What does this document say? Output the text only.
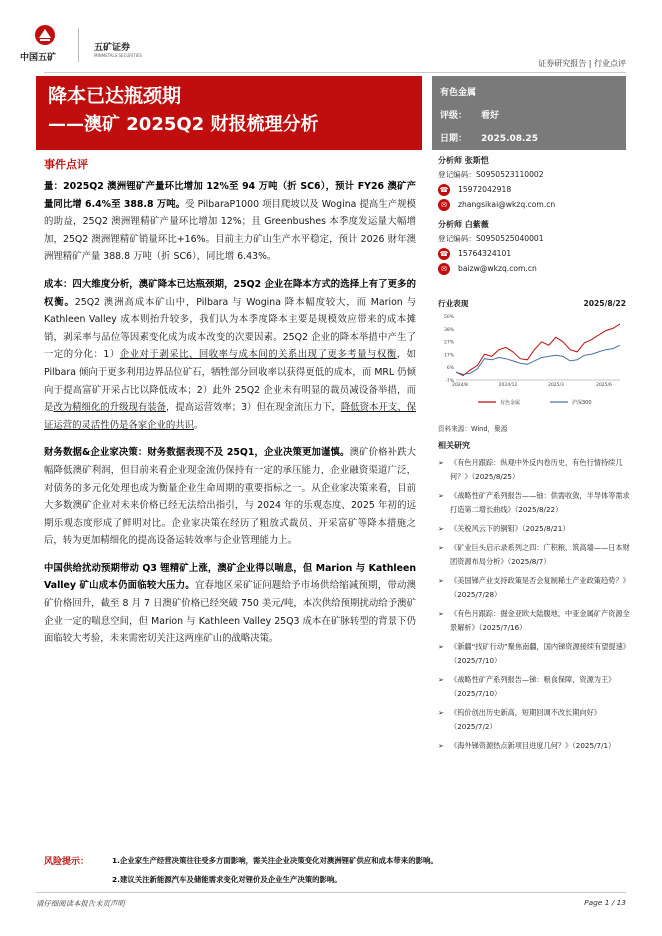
中国五矿
五矿证券
MINMETALS SECURITIES
证券研究报告 | 行业点评
降本已达瓶颈期
——澳矿 2025Q2 财报梳理分析
有色金属
评级： 看好
日期： 2025.08.25
事件点评

量：2025Q2 澳洲锂矿产量环比增加 12%至 94 万吨（折 SC6），预计 FY26 澳矿产量同比增 6.4%至 388.8 万吨。受 PilbaraP1000 项目爬坡以及 Wogina 提高生产规模的助益，25Q2 澳洲锂精矿产量环比增加 12%；且 Greenbushes 本季度发运量大幅增加，25Q2 澳洲锂精矿销量环比+16%。目前主力矿山生产水平稳定，预计 2026 财年澳洲锂精矿产量 388.8 万吨（折 SC6），同比增 6.43%。

成本：四大维度分析，澳矿降本已达瓶颈期，25Q2 企业在降本方式的选择上有了更多的权衡。25Q2 澳洲高成本矿山中，Pilbara 与 Wogina 降本幅度较大，而 Marion 与 Kathleen Valley 成本则抬升较多，我们认为本季度降本主要是规模效应带来的成本摊销，剥采率与品位等因素变化成为成本改变的次要因素。25Q2 企业的降本举措中产生了一定的分化：1）企业对于剥采比、回收率与成本间的关系出现了更多考量与权衡，如 Pilbara 倾向于更多利用边界品位矿石，牺牲部分回收率以获得更低的成本，而 MRL 仍倾向于提高富矿开采占比以降低成本；2）此外 25Q2 企业未有明显的裁员减设备举措，而是改为精细化的升级现有装备，提高运营效率；3）但在现金流压力下，降低资本开支、保证运营的灵活性仍是各家企业的共识。

财务数据&企业家决策：财务数据表现不及 25Q1，企业决策更加谨慎。澳矿价格补跌大幅降低澳矿利润，但目前来看企业现金流仍保持有一定的承压能力，企业融资渠道广泛，对债务的多元化处理也成为衡量企业生命周期的重要指标之一。从企业家决策来看，目前大多数澳矿企业对未来价格已经无法给出指引，与 2024 年的乐观态度、2025 年初的远期乐观态度形成了鲜明对比。企业家决策在经历了粗放式裁员、开采富矿等降本措施之后，转为更加精细化的提高设备运转效率与企业管理能力上。

中国供给扰动预期带动 Q3 锂精矿上涨，澳矿企业得以喘息，但 Marion 与 Kathleen Valley 矿山成本仍面临较大压力。宜春地区采矿证问题给予市场供给缩减预期，带动澳矿价格回升，截至 8 月 7 日澳矿价格已经突破 750 美元/吨，本次供给预期扰动给予澳矿企业一定的喘息空间，但 Marion 与 Kathleen Valley 25Q3 成本在矿脉转型的背景下仍面临较大考验，未来需密切关注这两座矿山的战略决策。

分析师 张斯恺
登记编码：S0950523110002
☎ 15972042918
✉	zhangsikai@wkzq.com.cn
分析师 白紫薇
登记编码：S0950525040001
☎ 15764324101
✉	baizw@wkzq.com.cn
行业表现	2025/8/22
50%
38%
27%
17%
6%
-7%
2024/8	2024/12	2025/3	2025/6
有色金属	沪深300
资料来源：Wind，聚源
相关研究
➢ 《有色月跟踪：纵观中外反内卷历史，有色行情持续几何？》（2025/8/25）
➢ 《战略性矿产系列报告——铀：供需收敛，半导体等需求打造第二增长曲线》（2025/8/22）
➢ 《关税风云下的铜钼》（2025/8/21）
➢ 《矿业巨头启示录系列之四：广积粮、筑高墙——日本财团资源布局分析》（2025/8/7）
➢ 《美国锑产业支持政策是否会复制稀土产业政策趋势？》（2025/7/28）
➢ 《有色月跟踪：掘金亚欧大陆腹地，中亚金属矿产资源全景解析》（2025/7/16）
➢ 《新疆“找矿行动”聚焦南疆，国内锑资源接续有望提速》（2025/7/10）
➢ 《战略性矿产系列报告—锑：粮食保障，资源为王》（2025/7/10）
➢ 《钨价创出历史新高，短期回调不改长期向好》（2025/7/2）
➢ 《海外锑资源热点新项目进度几何？》（2025/7/1）
风险提示：	1.企业家生产经营决策往往受多方面影响，需关注企业决策变化对澳洲锂矿供应和成本带来的影响。
2.建议关注新能源汽车及储能需求变化对锂价及企业生产决策的影响。
请仔细阅读本报告末页声明	Page 1 / 13
